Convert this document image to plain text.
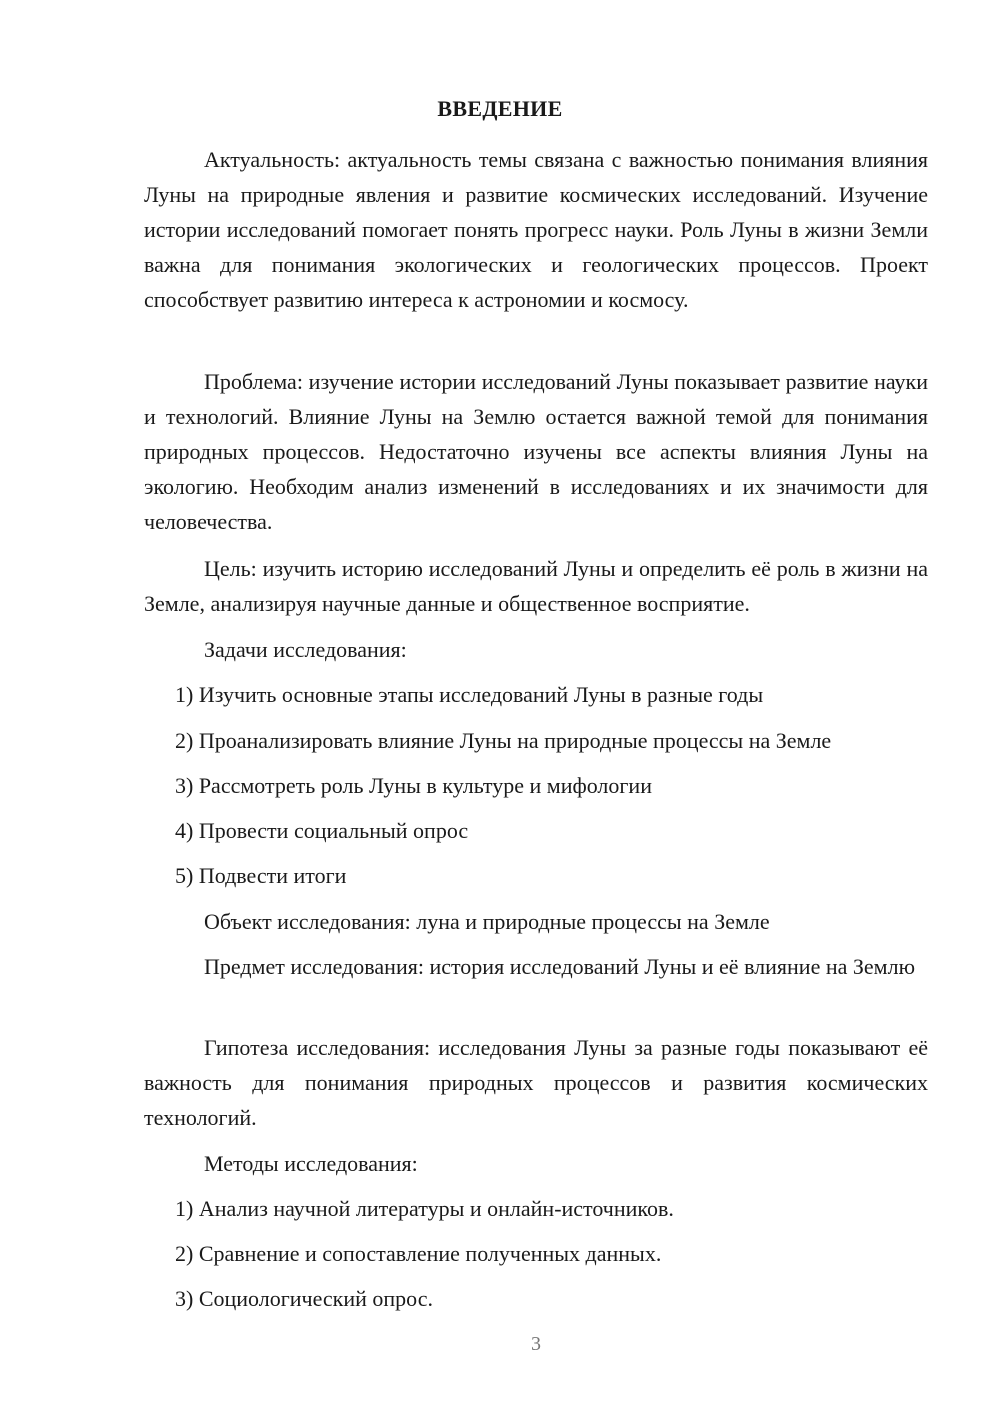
ВВЕДЕНИЕ

Актуальность: актуальность темы связана с важностью понимания влияния Луны на природные явления и развитие космических исследований. Изучение истории исследований помогает понять прогресс науки. Роль Луны в жизни Земли важна для понимания экологических и геологических процессов. Проект способствует развитию интереса к астрономии и космосу.

Проблема: изучение истории исследований Луны показывает развитие науки и технологий. Влияние Луны на Землю остается важной темой для понимания природных процессов. Недостаточно изучены все аспекты влияния Луны на экологию. Необходим анализ изменений в исследованиях и их значимости для человечества.

Цель: изучить историю исследований Луны и определить её роль в жизни на Земле, анализируя научные данные и общественное восприятие.

Задачи исследования:

1) Изучить основные этапы исследований Луны в разные годы

2) Проанализировать влияние Луны на природные процессы на Земле

3) Рассмотреть роль Луны в культуре и мифологии

4) Провести социальный опрос

5) Подвести итоги

Объект исследования: луна и природные процессы на Земле

Предмет исследования: история исследований Луны и её влияние на Землю

Гипотеза исследования: исследования Луны за разные годы показывают её важность для понимания природных процессов и развития космических технологий.

Методы исследования:

1) Анализ научной литературы и онлайн-источников.

2) Сравнение и сопоставление полученных данных.

3) Социологический опрос.

3
